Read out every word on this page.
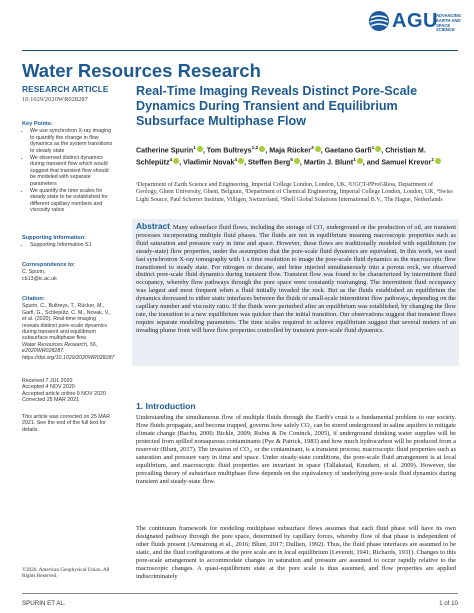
AGU
ADVANCING
EARTH AND
SPACE SCIENCE
Water Resources Research
RESEARCH ARTICLE
10.1029/2020WR028287
Key Points:
• We use synchrotron X-ray imaging to quantify the change in flow dynamics as the system transitions to steady state
• We observed distinct dynamics during transient flow which would suggest that transient flow should be modeled with separate parameters
• We quantify the time scales for steady state to be established for different capillary numbers and viscosity ratios
Supporting Information:
• Supporting Information S1
Correspondence to:
C. Spurin,
cb13@ic.ac.uk
Citation:
Spurin, C., Bultreys, T., Rücker, M., Garfi, G., Schlepütz, C. M., Novak, V., et al. (2020). Real-time imaging reveals distinct pore-scale dynamics during transient and equilibrium subsurface multiphase flow.
Water Resources Research, 56, e2020WR028287. https://doi.org/10.1029/2020WR028287
Received 7 JUL 2020
Accepted 4 NOV 2020
Accepted article online 9 NOV 2020
Corrected 25 MAR 2021
This article was corrected on 25 MAR 2021. See the end of the full text for details.
©2020. American Geophysical Union. All Rights Reserved.
Real-Time Imaging Reveals Distinct Pore-Scale Dynamics During Transient and Equilibrium Subsurface Multiphase Flow
Catherine Spurin$^1$ , Tom Bultreys$^{1,2}$ , Maja Rücker$^3$ , Gaetano Garfi$^1$ , Christian M. Schlepütz$^4$ , Vladimir Novak$^4$ , Steffen Berg$^5$ , Martin J. Blunt$^1$ , and Samuel Krevor$^1$
¹Department of Earth Science and Engineering, Imperial College London, London, UK, ²UGCT-PProGRess, Department of Geology, Ghent University, Ghent, Belgium, ³Department of Chemical Engineering, Imperial College London, London, UK, ⁴Swiss Light Source, Paul Scherrer Institute, Villigen, Switzerland, ⁵Shell Global Solutions International B.V., The Hague, Netherlands
Abstract Many subsurface fluid flows, including the storage of CO₂ underground or the production of oil, are transient processes incorporating multiple fluid phases. The fluids are not in equilibrium meaning macroscopic properties such as fluid saturation and pressure vary in time and space. However, these flows are traditionally modeled with equilibrium (or steady-state) flow properties, under the assumption that the pore-scale fluid dynamics are equivalent. In this work, we used fast synchrotron X-ray tomography with 1 s time resolution to image the pore-scale fluid dynamics as the macroscopic flow transitioned to steady state. For nitrogen or decane, and brine injected simultaneously into a porous rock, we observed distinct pore-scale fluid dynamics during transient flow. Transient flow was found to be characterized by intermittent fluid occupancy, whereby flow pathways through the pore space were constantly rearranging. The intermittent fluid occupancy was largest and most frequent when a fluid initially invaded the rock. But as the fluids established an equilibrium the dynamics decreased to either static interfaces between the fluids or small-scale intermittent flow pathways, depending on the capillary number and viscosity ratio. If the fluids were perturbed after an equilibrium was established, by changing the flow rate, the transition to a new equilibrium was quicker than the initial transition. Our observations suggest that transient flows require separate modeling parameters. The time scales required to achieve equilibrium suggest that several meters of an invading plume front will have flow properties controlled by transient pore-scale fluid dynamics.
1. Introduction
Understanding the simultaneous flow of multiple fluids through the Earth's crust is a fundamental problem to our society. How fluids propagate, and become trapped, governs how safely CO₂ can be stored underground in saline aquifers to mitigate climate change (Bachu, 2000; Bickle, 2009; Rubin & De Coninck, 2005), if underground drinking water supplies will be protected from spilled nonaqueous contaminants (Pye & Patrick, 1983) and how much hydrocarbon will be produced from a reservoir (Blunt, 2017). The invasion of CO₂, or the contaminant, is a transient process; macroscopic fluid properties such as saturation and pressure vary in time and space. Under steady-state conditions, the pore-scale fluid arrangement is at local equilibrium, and macroscopic fluid properties are invariant in space (Tallakstad, Knudsen, et al. 2009). However, the prevailing theory of subsurface multiphase flow depends on the equivalency of underlying pore-scale fluid dynamics during transient and steady-state flow.
The continuum framework for modeling multiphase subsurface flows assumes that each fluid phase will have its own designated pathway through the pore space, determined by capillary forces, whereby flow of that phase is independent of other fluids present (Armstrong et al., 2016; Blunt, 2017; Dullien, 1992). Thus, the fluid phase interfaces are assumed to be static, and the fluid configurations at the pore scale are in local equilibrium (Leverett, 1941; Richards, 1931). Changes to this pore-scale arrangement to accommodate changes in saturation and pressure are assumed to occur rapidly relative to the macroscopic changes. A quasi-equilibrium state at the pore scale is thus assumed, and flow properties are applied indiscriminately
SPURIN ET AL.	1 of 10
